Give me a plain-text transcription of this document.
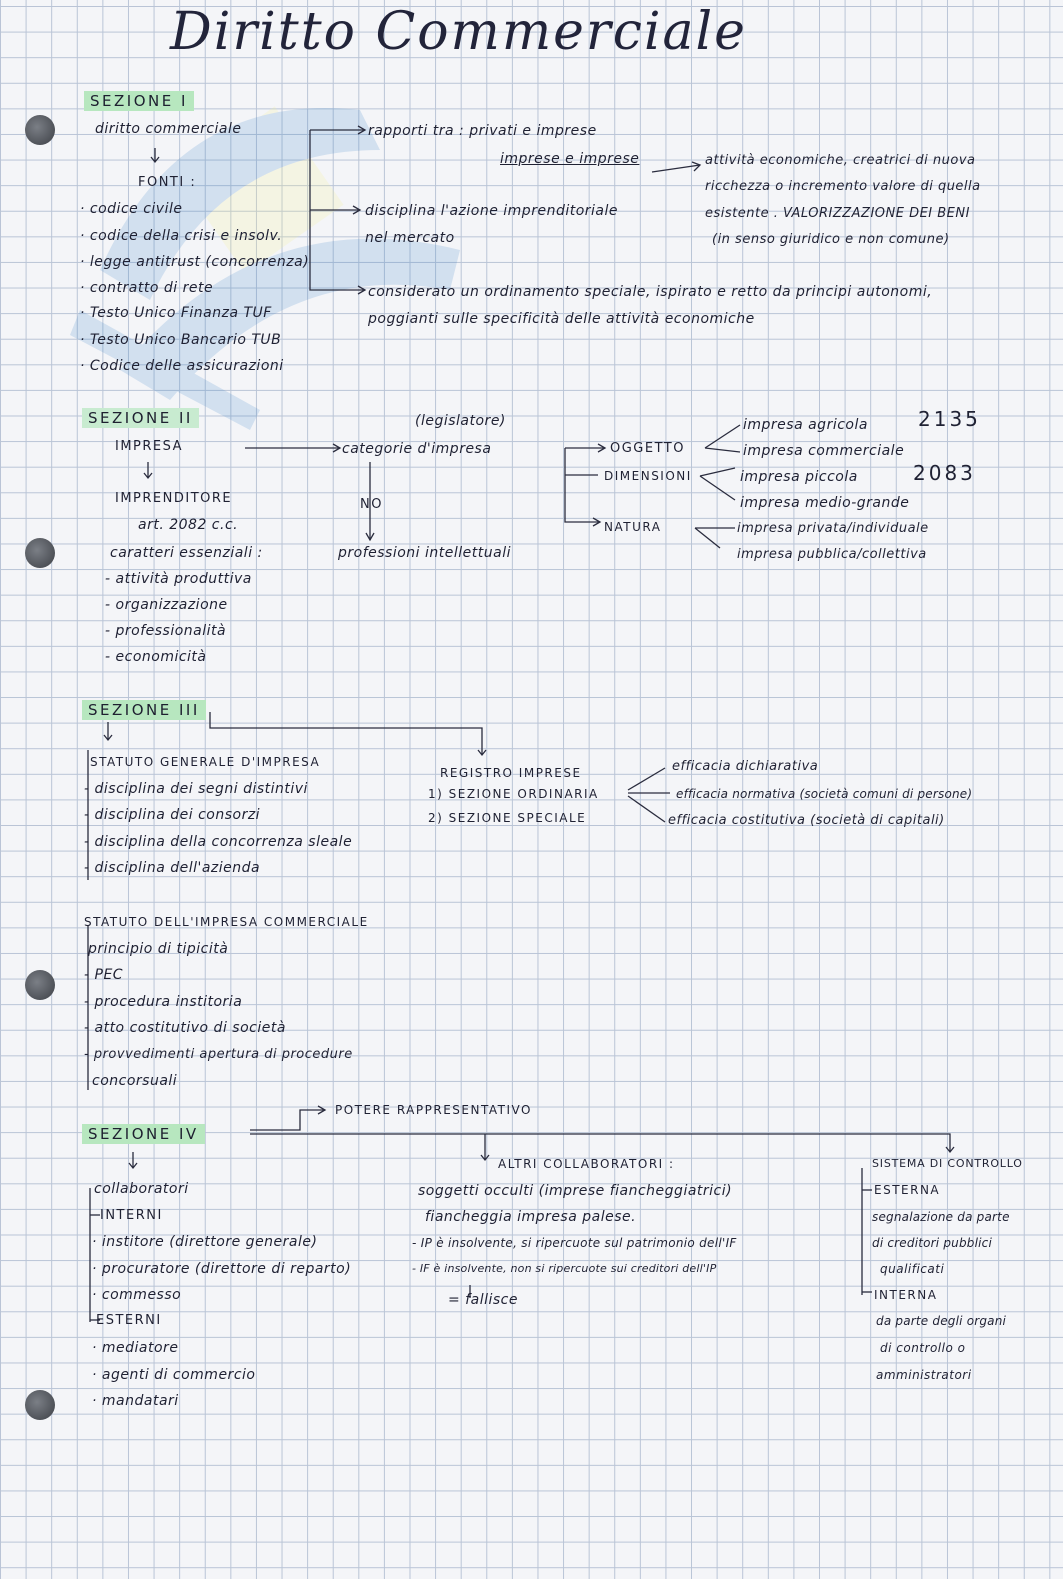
Diritto Commerciale
SEZIONE I
diritto commerciale
FONTI :
· codice civile
· codice della crisi e insolv.
· legge antitrust (concorrenza)
· contratto di rete
· Testo Unico Finanza TUF
· Testo Unico Bancario TUB
· Codice delle assicurazioni
rapporti tra : privati e imprese
imprese e imprese	attività economiche, creatrici di nuova
ricchezza o incremento valore di quella
esistente . VALORIZZAZIONE DEI BENI
(in senso giuridico e non comune)
disciplina l'azione imprenditoriale
nel mercato
considerato un ordinamento speciale, ispirato e retto da principi autonomi,
poggianti sulle specificità delle attività economiche
SEZIONE II
IMPRESA
IMPRENDITORE
art. 2082 c.c.
caratteri essenziali :
- attività produttiva
- organizzazione
- professionalità
- economicità
(legislatore)
categorie d'impresa
NO
professioni intellettuali
OGGETTO
DIMENSIONI
NATURA
impresa agricola
impresa commerciale
2135
impresa piccola
impresa medio-grande
2083
impresa privata/individuale
impresa pubblica/collettiva
SEZIONE III
STATUTO GENERALE D'IMPRESA
- disciplina dei segni distintivi
- disciplina dei consorzi
- disciplina della concorrenza sleale
- disciplina dell'azienda
REGISTRO IMPRESE
1) SEZIONE ORDINARIA
2) SEZIONE SPECIALE
efficacia dichiarativa
efficacia normativa (società comuni di persone)
efficacia costitutiva (società di capitali)
STATUTO DELL'IMPRESA COMMERCIALE
principio di tipicità
- PEC
- procedura institoria
- atto costitutivo di società
- provvedimenti apertura di procedure
concorsuali
SEZIONE IV
POTERE RAPPRESENTATIVO
collaboratori
INTERNI
· institore (direttore generale)
· procuratore (direttore di reparto)
· commesso
ESTERNI
· mediatore
· agenti di commercio
· mandatari
ALTRI COLLABORATORI :
soggetti occulti (imprese fiancheggiatrici)
fiancheggia impresa palese.
- IP è insolvente, si ripercuote sul patrimonio dell'IF
- IF è insolvente, non si ripercuote sui creditori dell'IP
= fallisce
SISTEMA DI CONTROLLO
ESTERNA
segnalazione da parte
di creditori pubblici
qualificati
INTERNA
da parte degli organi
di controllo o
amministratori
